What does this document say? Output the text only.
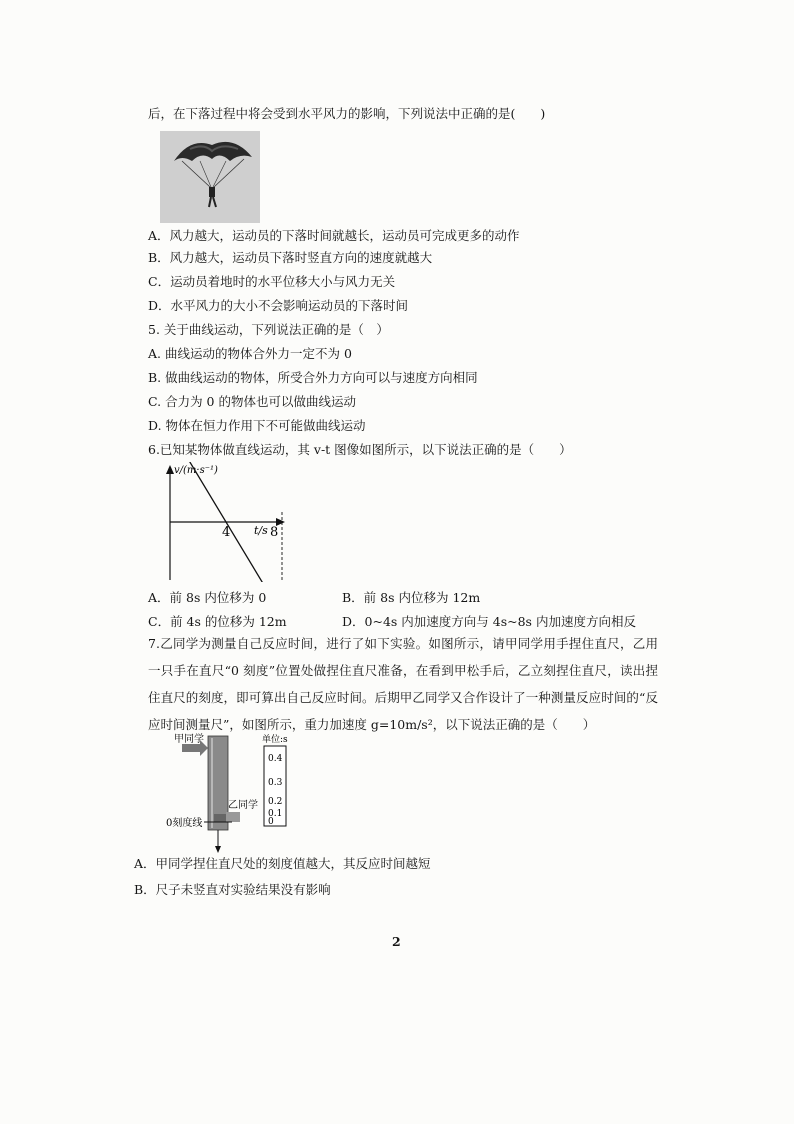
后，在下落过程中将会受到水平风力的影响，下列说法中正确的是(　　)
A．风力越大，运动员的下落时间就越长，运动员可完成更多的动作
B．风力越大，运动员下落时竖直方向的速度就越大
C．运动员着地时的水平位移大小与风力无关
D．水平风力的大小不会影响运动员的下落时间
5. 关于曲线运动，下列说法正确的是（　）
A. 曲线运动的物体合外力一定不为 0
B. 做曲线运动的物体，所受合外力方向可以与速度方向相同
C. 合力为 0 的物体也可以做曲线运动
D. 物体在恒力作用下不可能做曲线运动
6.已知某物体做直线运动，其 v-t 图像如图所示，以下说法正确的是（　　）
v/(m·s⁻¹)
t/s
4	8
A．前 8s 内位移为 0	B．前 8s 内位移为 12m
C．前 4s 的位移为 12m	D．0~4s 内加速度方向与 4s~8s 内加速度方向相反
7.乙同学为测量自己反应时间，进行了如下实验。如图所示，请甲同学用手捏住直尺，乙用一只手在直尺“0 刻度”位置处做捏住直尺准备，在看到甲松手后，乙立刻捏住直尺，读出捏住直尺的刻度，即可算出自己反应时间。后期甲乙同学又合作设计了一种测量反应时间的“反应时间测量尺”，如图所示，重力加速度 g=10m/s²，以下说法正确的是（　　）
甲同学
乙同学
0刻度线
单位:s
0.4
0.3
0.2
0.1
0
A．甲同学捏住直尺处的刻度值越大，其反应时间越短
B．尺子未竖直对实验结果没有影响
2
